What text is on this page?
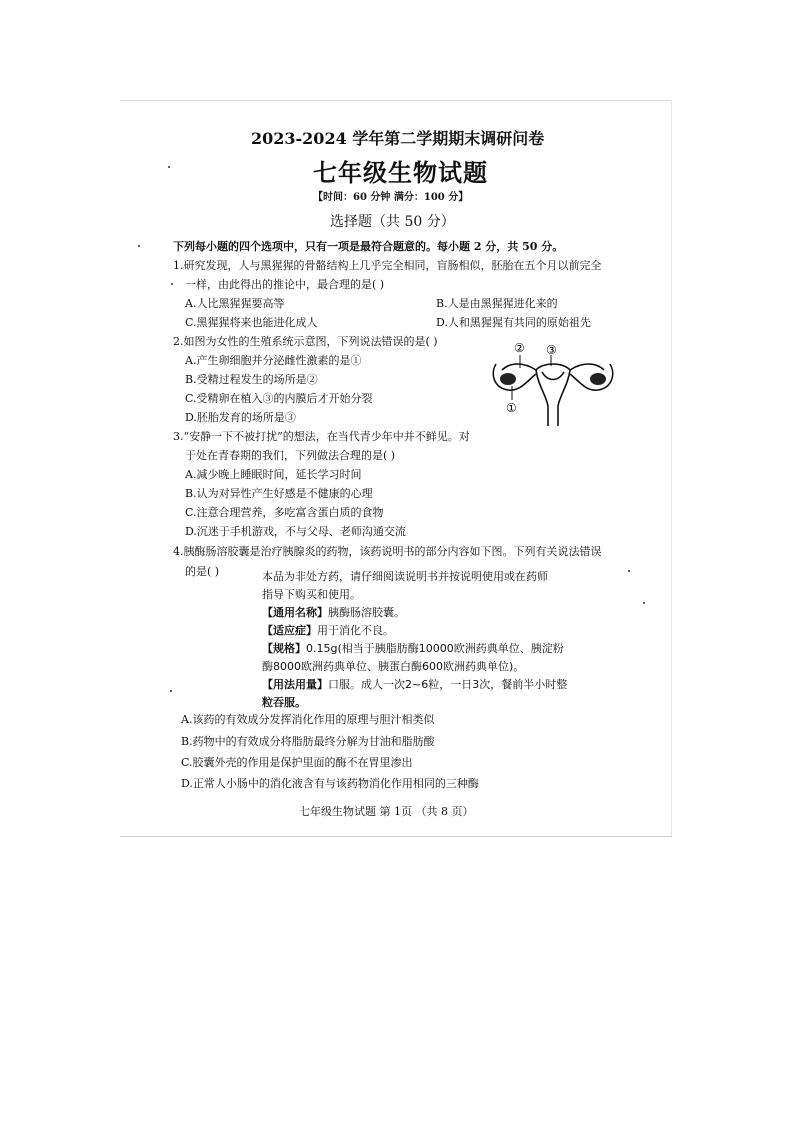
2023-2024 学年第二学期期末调研问卷
七年级生物试题
【时间：60 分钟 满分：100 分】
选择题（共 50 分）
下列每小题的四个选项中，只有一项是最符合题意的。每小题 2 分，共 50 分。
1.研究发现，人与黑猩猩的骨骼结构上几乎完全相同，盲肠相似，胚胎在五个月以前完全
一样，由此得出的推论中，最合理的是( )
A.人比黑猩猩要高等	B.人是由黑猩猩进化来的
C.黑猩猩将来也能进化成人	D.人和黑猩猩有共同的原始祖先
2.如图为女性的生殖系统示意图，下列说法错误的是( )
A.产生卵细胞并分泌雌性激素的是①
B.受精过程发生的场所是②
C.受精卵在植入③的内膜后才开始分裂
D.胚胎发育的场所是③
② ③
①
3.“安静一下不被打扰”的想法，在当代青少年中并不鲜见。对
于处在青春期的我们，下列做法合理的是( )
A.减少晚上睡眠时间，延长学习时间
B.认为对异性产生好感是不健康的心理
C.注意合理营养，多吃富含蛋白质的食物
D.沉迷于手机游戏，不与父母、老师沟通交流
4.胰酶肠溶胶囊是治疗胰腺炎的药物，该药说明书的部分内容如下图。下列有关说法错误
的是( )	本品为非处方药，请仔细阅读说明书并按说明使用或在药师
指导下购买和使用。
【通用名称】胰酶肠溶胶囊。
【适应症】用于消化不良。
【规格】0.15g(相当于胰脂肪酶10000欧洲药典单位、胰淀粉
酶8000欧洲药典单位、胰蛋白酶600欧洲药典单位)。
【用法用量】口服。成人一次2~6粒，一日3次，餐前半小时整
粒吞服。
A.该药的有效成分发挥消化作用的原理与胆汁相类似
B.药物中的有效成分将脂肪最终分解为甘油和脂肪酸
C.胶囊外壳的作用是保护里面的酶不在胃里渗出
D.正常人小肠中的消化液含有与该药物消化作用相同的三种酶
七年级生物试题 第 1页 （共 8 页）
